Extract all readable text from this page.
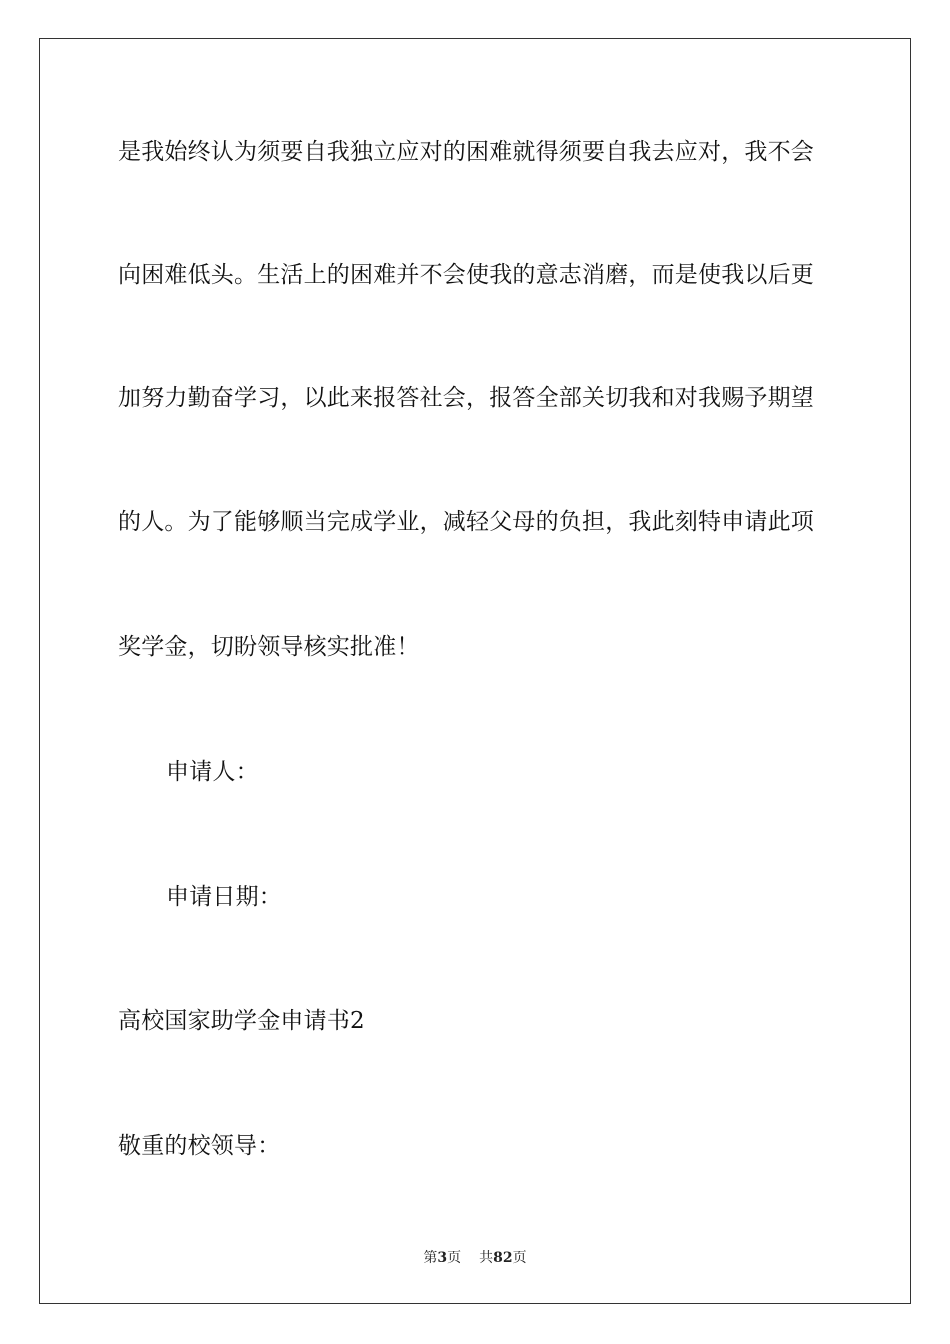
是我始终认为须要自我独立应对的困难就得须要自我去应对，我不会
向困难低头。生活上的困难并不会使我的意志消磨，而是使我以后更
加努力勤奋学习，以此来报答社会，报答全部关切我和对我赐予期望
的人。为了能够顺当完成学业，减轻父母的负担，我此刻特申请此项
奖学金，切盼领导核实批准！
申请人：
申请日期：
高校国家助学金申请书2
敬重的校领导：
第3页 共82页
